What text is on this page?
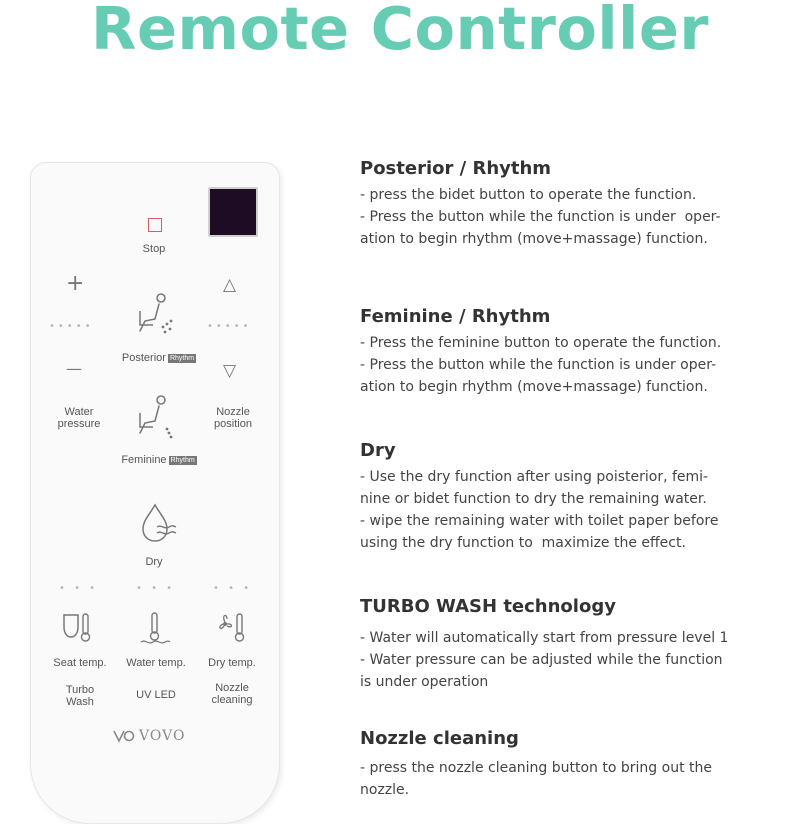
Remote Controller
Stop
+	△
•••••	•••••
Posterior Rhythm
—	▽
Water
pressure
Nozzle
position
Feminine Rhythm
Dry
• • •	• • •	• • •
Seat temp.	Water temp.	Dry temp.
Turbo
Wash
UV LED
Nozzle
cleaning
VOVO

Posterior / Rhythm

- press the bidet button to operate the function.

- Press the button while the function is under  oper-

ation to begin rhythm (move+massage) function.

Feminine / Rhythm

- Press the feminine button to operate the function.

- Press the button while the function is under oper-

ation to begin rhythm (move+massage) function.

Dry

- Use the dry function after using poisterior, femi-

nine or bidet function to dry the remaining water.

- wipe the remaining water with toilet paper before

using the dry function to  maximize the effect.

TURBO WASH technology

- Water will automatically start from pressure level 1

- Water pressure can be adjusted while the function

is under operation

Nozzle cleaning

- press the nozzle cleaning button to bring out the

nozzle.
